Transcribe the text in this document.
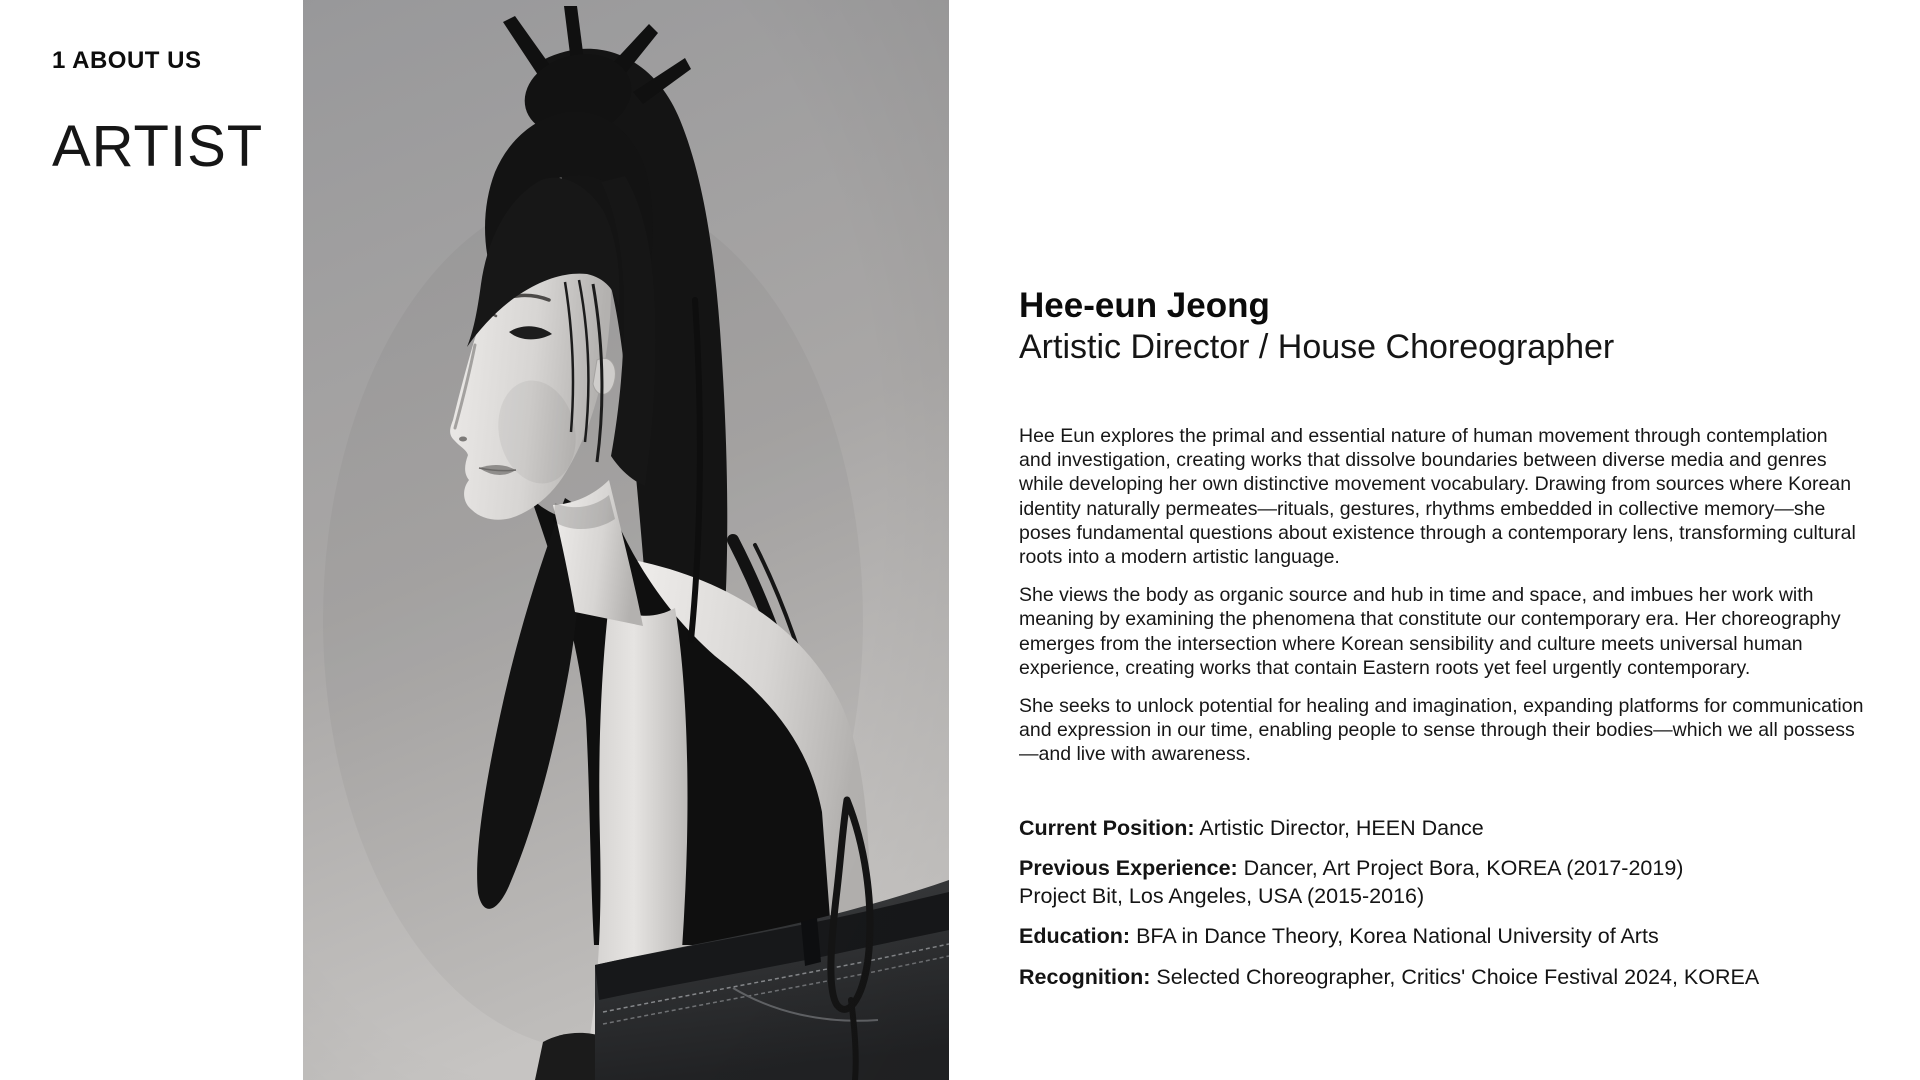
1 ABOUT US
ARTIST
Hee-eun Jeong
Artistic Director / House Choreographer

Hee Eun explores the primal and essential nature of human movement through contemplation and investigation, creating works that dissolve boundaries between diverse media and genres while developing her own distinctive movement vocabulary. Drawing from sources where Korean identity naturally permeates—rituals, gestures, rhythms embedded in collective memory—she poses fundamental questions about existence through a contemporary lens, transforming cultural roots into a modern artistic language.

She views the body as organic source and hub in time and space, and imbues her work with meaning by examining the phenomena that constitute our contemporary era. Her choreography emerges from the intersection where Korean sensibility and culture meets universal human experience, creating works that contain Eastern roots yet feel urgently contemporary.

She seeks to unlock potential for healing and imagination, expanding platforms for communication and expression in our time, enabling people to sense through their bodies—which we all possess—and live with awareness.

Current Position: Artistic Director, HEEN Dance
Previous Experience: Dancer, Art Project Bora, KOREA (2017-2019)
Project Bit, Los Angeles, USA (2015-2016)
Education: BFA in Dance Theory, Korea National University of Arts
Recognition: Selected Choreographer, Critics' Choice Festival 2024, KOREA
